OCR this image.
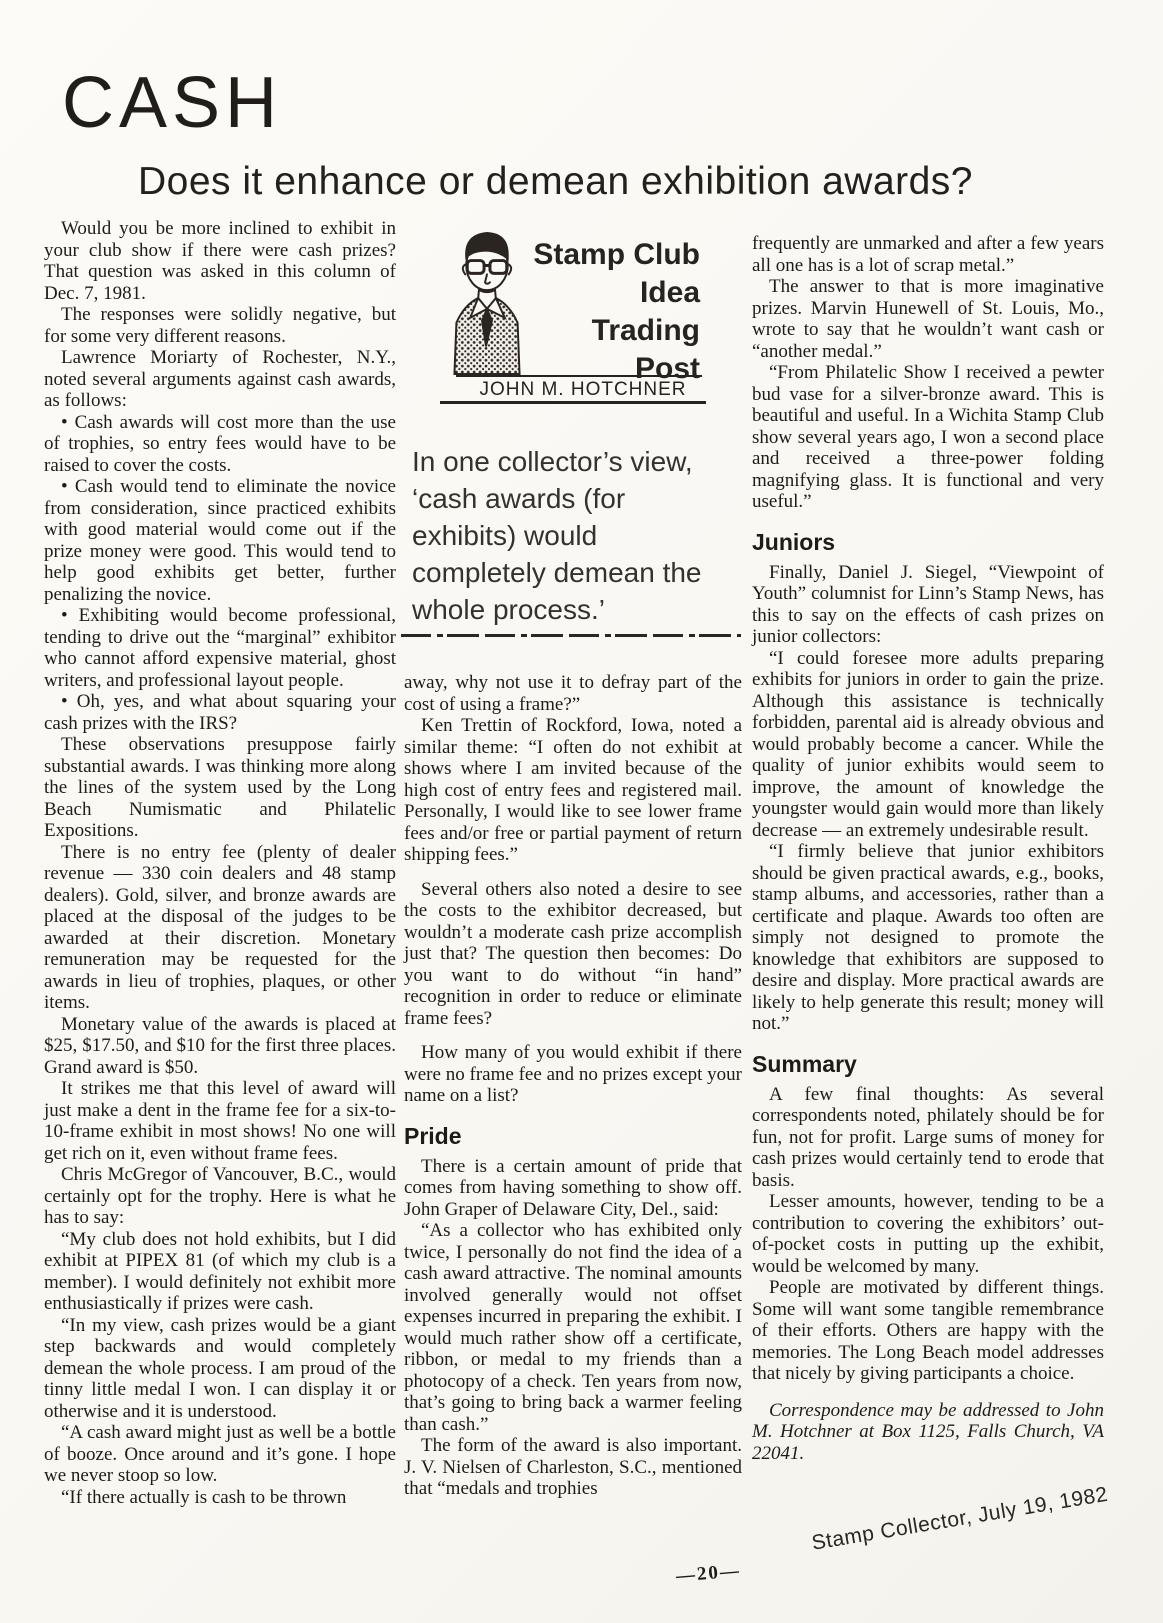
CASH
Does it enhance or demean exhibition awards?
Would you be more inclined to exhibit in your club show if there were cash prizes? That question was asked in this column of Dec. 7, 1981.
The responses were solidly negative, but for some very different reasons.
Lawrence Moriarty of Rochester, N.Y., noted several arguments against cash awards, as follows:
• Cash awards will cost more than the use of trophies, so entry fees would have to be raised to cover the costs.
• Cash would tend to eliminate the novice from consideration, since practiced exhibits with good material would come out if the prize money were good. This would tend to help good exhibits get better, further penalizing the novice.
• Exhibiting would become professional, tending to drive out the “marginal” exhibitor who cannot afford expensive material, ghost writers, and professional layout people.
• Oh, yes, and what about squaring your cash prizes with the IRS?
These observations presuppose fairly substantial awards. I was thinking more along the lines of the system used by the Long Beach Numismatic and Philatelic Expositions.
There is no entry fee (plenty of dealer revenue — 330 coin dealers and 48 stamp dealers). Gold, silver, and bronze awards are placed at the disposal of the judges to be awarded at their discretion. Monetary remuneration may be requested for the awards in lieu of trophies, plaques, or other items.
Monetary value of the awards is placed at $25, $17.50, and $10 for the first three places. Grand award is $50.
It strikes me that this level of award will just make a dent in the frame fee for a six-to-10-frame exhibit in most shows! No one will get rich on it, even without frame fees.
Chris McGregor of Vancouver, B.C., would certainly opt for the trophy. Here is what he has to say:
“My club does not hold exhibits, but I did exhibit at PIPEX 81 (of which my club is a member). I would definitely not exhibit more enthusiastically if prizes were cash.
“In my view, cash prizes would be a giant step backwards and would completely demean the whole process. I am proud of the tinny little medal I won. I can display it or otherwise and it is understood.
“A cash award might just as well be a bottle of booze. Once around and it’s gone. I hope we never stoop so low.
“If there actually is cash to be thrown
Stamp Club
Idea
Trading
Post
JOHN M. HOTCHNER
In one collector’s view, ‘cash awards (for exhibits) would completely demean the whole process.’
away, why not use it to defray part of the cost of using a frame?”
Ken Trettin of Rockford, Iowa, noted a similar theme: “I often do not exhibit at shows where I am invited because of the high cost of entry fees and registered mail. Personally, I would like to see lower frame fees and/or free or partial payment of return shipping fees.”
Several others also noted a desire to see the costs to the exhibitor decreased, but wouldn’t a moderate cash prize accomplish just that? The question then becomes: Do you want to do without “in hand” recognition in order to reduce or eliminate frame fees?
How many of you would exhibit if there were no frame fee and no prizes except your name on a list?
Pride
There is a certain amount of pride that comes from having something to show off. John Graper of Delaware City, Del., said:
“As a collector who has exhibited only twice, I personally do not find the idea of a cash award attractive. The nominal amounts involved generally would not offset expenses incurred in preparing the exhibit. I would much rather show off a certificate, ribbon, or medal to my friends than a photocopy of a check. Ten years from now, that’s going to bring back a warmer feeling than cash.”
The form of the award is also important. J. V. Nielsen of Charleston, S.C., mentioned that “medals and trophies
frequently are unmarked and after a few years all one has is a lot of scrap metal.”
The answer to that is more imaginative prizes. Marvin Hunewell of St. Louis, Mo., wrote to say that he wouldn’t want cash or “another medal.”
“From Philatelic Show I received a pewter bud vase for a silver-bronze award. This is beautiful and useful. In a Wichita Stamp Club show several years ago, I won a second place and received a three-power folding magnifying glass. It is functional and very useful.”
Juniors
Finally, Daniel J. Siegel, “Viewpoint of Youth” columnist for Linn’s Stamp News, has this to say on the effects of cash prizes on junior collectors:
“I could foresee more adults preparing exhibits for juniors in order to gain the prize. Although this assistance is technically forbidden, parental aid is already obvious and would probably become a cancer. While the quality of junior exhibits would seem to improve, the amount of knowledge the youngster would gain would more than likely decrease — an extremely undesirable result.
“I firmly believe that junior exhibitors should be given practical awards, e.g., books, stamp albums, and accessories, rather than a certificate and plaque. Awards too often are simply not designed to promote the knowledge that exhibitors are supposed to desire and display. More practical awards are likely to help generate this result; money will not.”
Summary
A few final thoughts: As several correspondents noted, philately should be for fun, not for profit. Large sums of money for cash prizes would certainly tend to erode that basis.
Lesser amounts, however, tending to be a contribution to covering the exhibitors’ out-of-pocket costs in putting up the exhibit, would be welcomed by many.
People are motivated by different things. Some will want some tangible remembrance of their efforts. Others are happy with the memories. The Long Beach model addresses that nicely by giving participants a choice.
Correspondence may be addressed to John M. Hotchner at Box 1125, Falls Church, VA 22041.
Stamp Collector, July 19, 1982
—20—
